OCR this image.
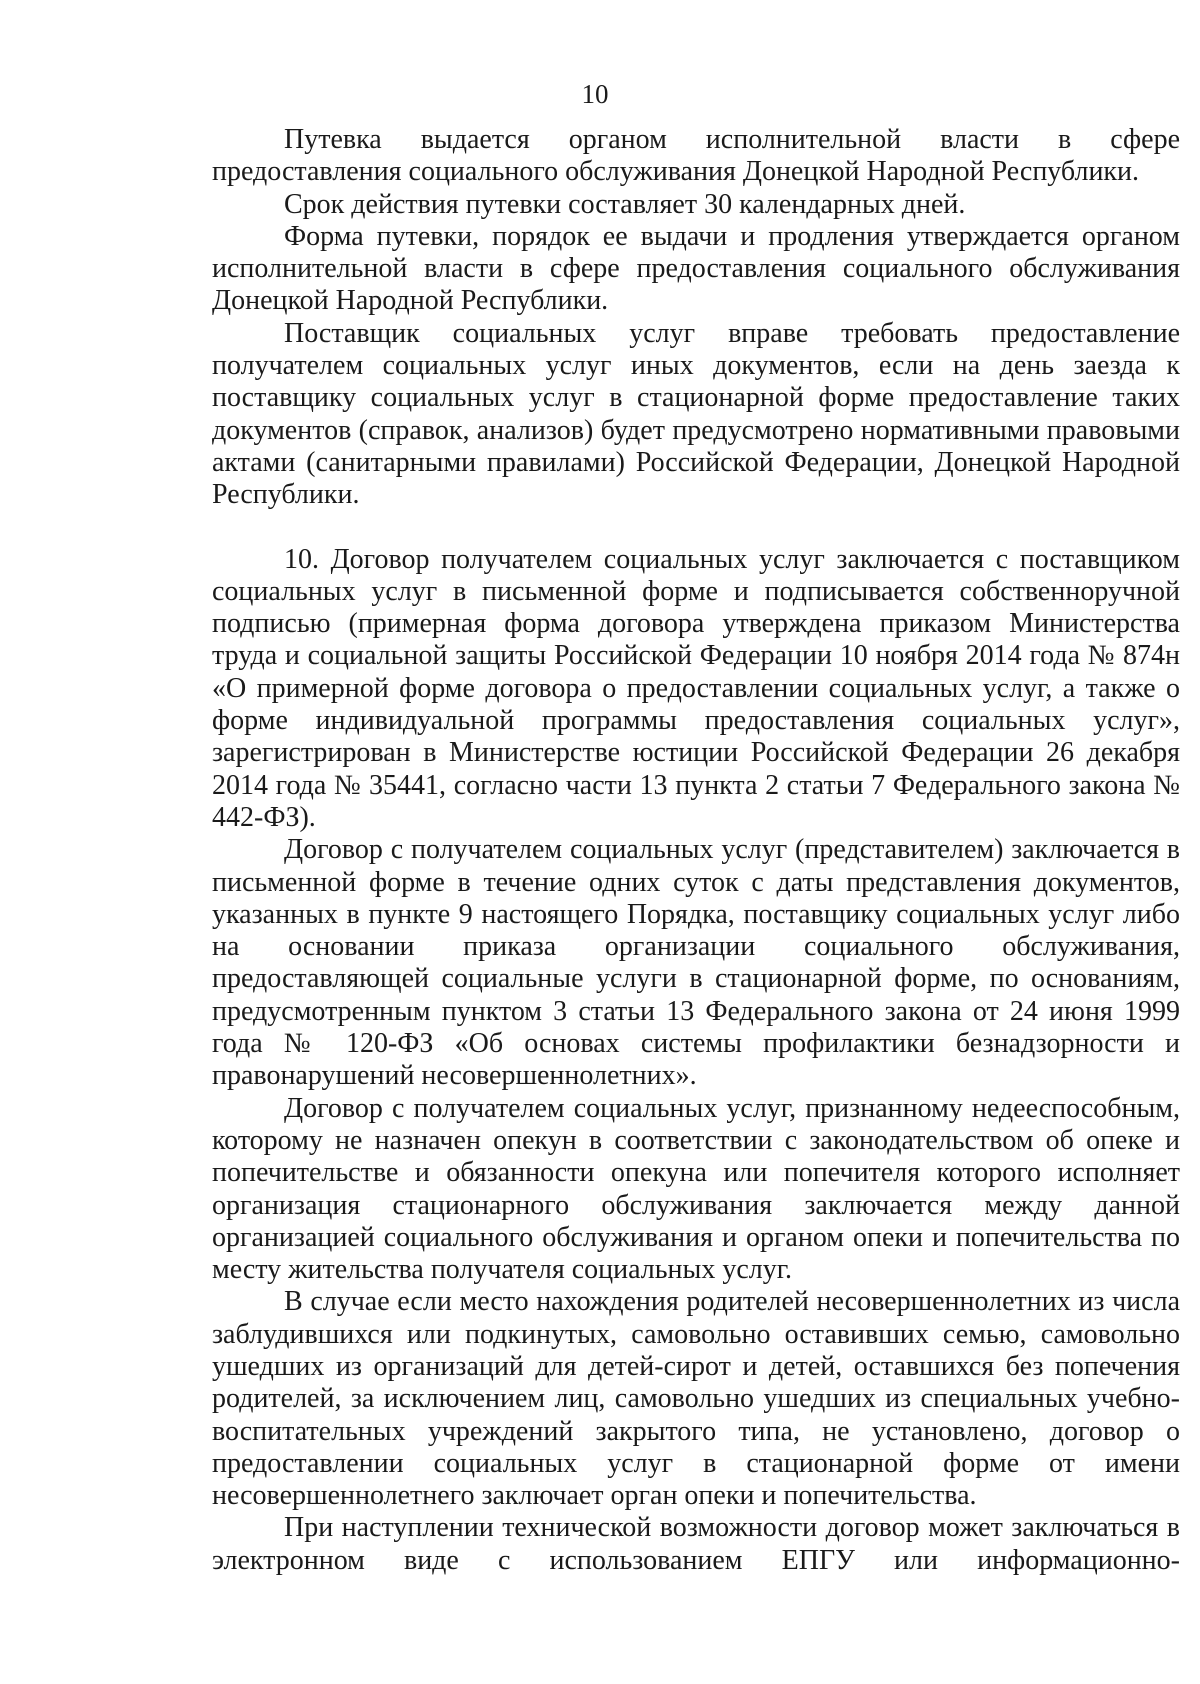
10

Путевка выдается органом исполнительной власти в сфере предоставления социального обслуживания Донецкой Народной Республики.

Срок действия путевки составляет 30 календарных дней.

Форма путевки, порядок ее выдачи и продления утверждается органом исполнительной власти в сфере предоставления социального обслуживания Донецкой Народной Республики.

Поставщик социальных услуг вправе требовать предоставление получателем социальных услуг иных документов, если на день заезда к поставщику социальных услуг в стационарной форме предоставление таких документов (справок, анализов) будет предусмотрено нормативными правовыми актами (санитарными правилами) Российской Федерации, Донецкой Народной Республики.

10. Договор получателем социальных услуг заключается с поставщиком социальных услуг в письменной форме и подписывается собственноручной подписью (примерная форма договора утверждена приказом Министерства труда и социальной защиты Российской Федерации 10 ноября 2014 года № 874н «О примерной форме договора о предоставлении социальных услуг, а также о форме индивидуальной программы предоставления социальных услуг», зарегистрирован в Министерстве юстиции Российской Федерации 26 декабря 2014 года № 35441, согласно части 13 пункта 2 статьи 7 Федерального закона № 442-ФЗ).

Договор с получателем социальных услуг (представителем) заключается в письменной форме в течение одних суток с даты представления документов, указанных в пункте 9 настоящего Порядка, поставщику социальных услуг либо на основании приказа организации социального обслуживания, предоставляющей социальные услуги в стационарной форме, по основаниям, предусмотренным пунктом 3 статьи 13 Федерального закона от 24 июня 1999 года № 120-ФЗ «Об основах системы профилактики безнадзорности и правонарушений несовершеннолетних».

Договор с получателем социальных услуг, признанному недееспособным, которому не назначен опекун в соответствии с законодательством об опеке и попечительстве и обязанности опекуна или попечителя которого исполняет организация стационарного обслуживания заключается между данной организацией социального обслуживания и органом опеки и попечительства по месту жительства получателя социальных услуг.

В случае если место нахождения родителей несовершеннолетних из числа заблудившихся или подкинутых, самовольно оставивших семью, самовольно ушедших из организаций для детей-сирот и детей, оставшихся без попечения родителей, за исключением лиц, самовольно ушедших из специальных учебно-воспитательных учреждений закрытого типа, не установлено, договор о предоставлении социальных услуг в стационарной форме от имени несовершеннолетнего заключает орган опеки и попечительства.

При наступлении технической возможности договор может заключаться в электронном виде с использованием ЕПГУ или информационно-
